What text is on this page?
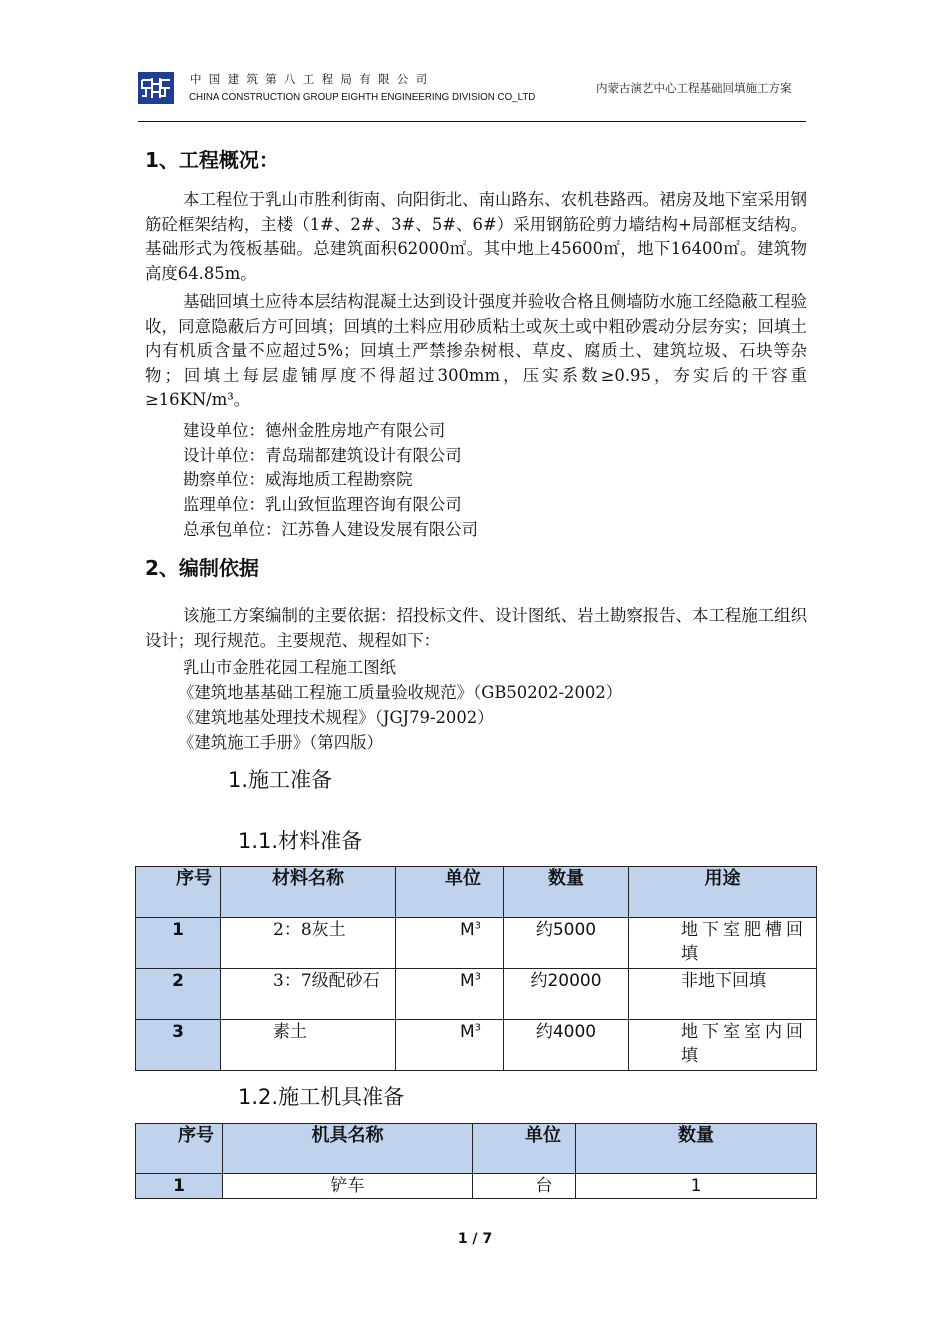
中国建筑第八工程局有限公司
CHINA CONSTRUCTION GROUP EIGHTH ENGINEERING DIVISION CO_LTD
内蒙古演艺中心工程基础回填施工方案
1、工程概况：

本工程位于乳山市胜利街南、向阳街北、南山路东、农机巷路西。裙房及地下室采用钢筋砼框架结构，主楼（1#、2#、3#、5#、6#）采用钢筋砼剪力墙结构+局部框支结构。基础形式为筏板基础。总建筑面积62000㎡。其中地上45600㎡，地下16400㎡。建筑物高度64.85m。

基础回填土应待本层结构混凝土达到设计强度并验收合格且侧墙防水施工经隐蔽工程验收，同意隐蔽后方可回填；回填的土料应用砂质粘土或灰土或中粗砂震动分层夯实；回填土内有机质含量不应超过5%；回填土严禁掺杂树根、草皮、腐质土、建筑垃圾、石块等杂物；回填土每层虚铺厚度不得超过300mm，压实系数≥0.95，夯实后的干容重≥16KN/m³。

建设单位：德州金胜房地产有限公司
设计单位：青岛瑞都建筑设计有限公司
勘察单位：威海地质工程勘察院
监理单位：乳山致恒监理咨询有限公司
总承包单位：江苏鲁人建设发展有限公司
2、编制依据

该施工方案编制的主要依据：招投标文件、设计图纸、岩土勘察报告、本工程施工组织设计；现行规范。主要规范、规程如下：

乳山市金胜花园工程施工图纸
《建筑地基基础工程施工质量验收规范》（GB50202-2002）
《建筑地基处理技术规程》（JGJ79-2002）
《建筑施工手册》（第四版）
1.施工准备
1.1.材料准备
序号	材料名称	单位	数量	用途
1	2：8灰土	$M^3$	约5000	地下室肥槽回填
2	3：7级配砂石	$M^3$	约20000	非地下回填
3	素土	$M^3$	约4000	地下室室内回填
1.2.施工机具准备
序号	机具名称	单位	数量
1	铲车	台	1
1 / 7
